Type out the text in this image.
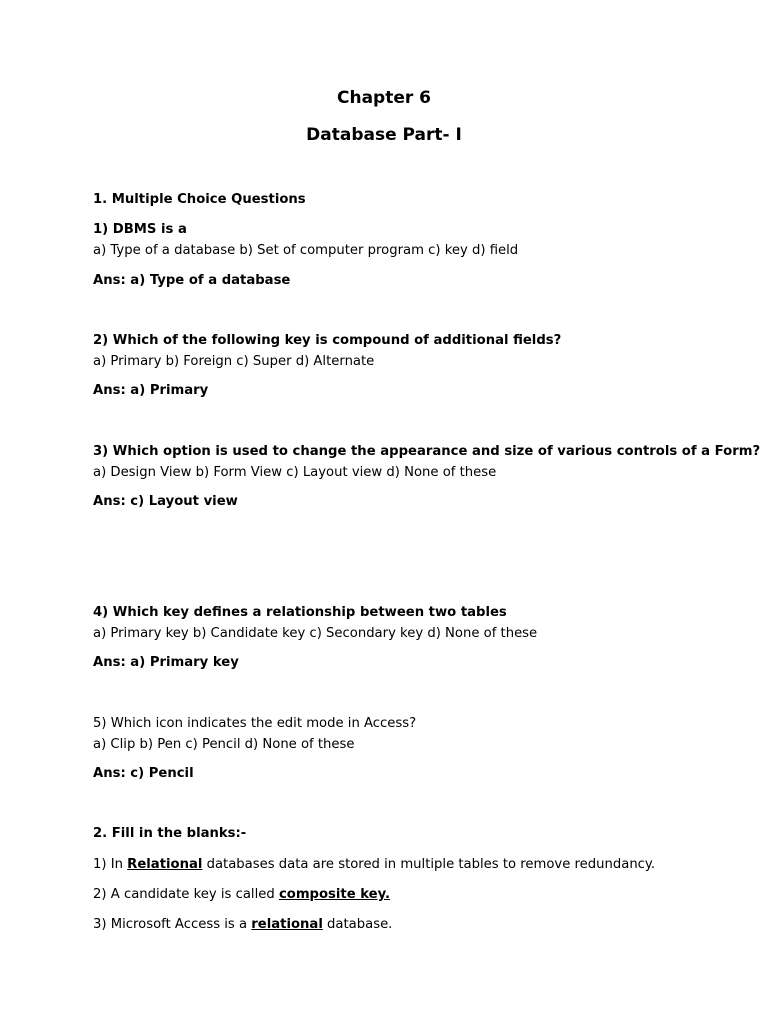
Chapter 6
Database Part- I
1. Multiple Choice Questions
1) DBMS is a
a) Type of a database b) Set of computer program c) key d) field
Ans: a) Type of a database
2) Which of the following key is compound of additional fields?
a) Primary b) Foreign c) Super d) Alternate
Ans: a) Primary
3) Which option is used to change the appearance and size of various controls of a Form?
a) Design View b) Form View c) Layout view d) None of these
Ans: c) Layout view
4) Which key defines a relationship between two tables
a) Primary key b) Candidate key c) Secondary key d) None of these
Ans: a) Primary key
5) Which icon indicates the edit mode in Access?
a) Clip b) Pen c) Pencil d) None of these
Ans: c) Pencil
2. Fill in the blanks:-
1) In Relational databases data are stored in multiple tables to remove redundancy.
2) A candidate key is called composite key.
3) Microsoft Access is a relational database.
